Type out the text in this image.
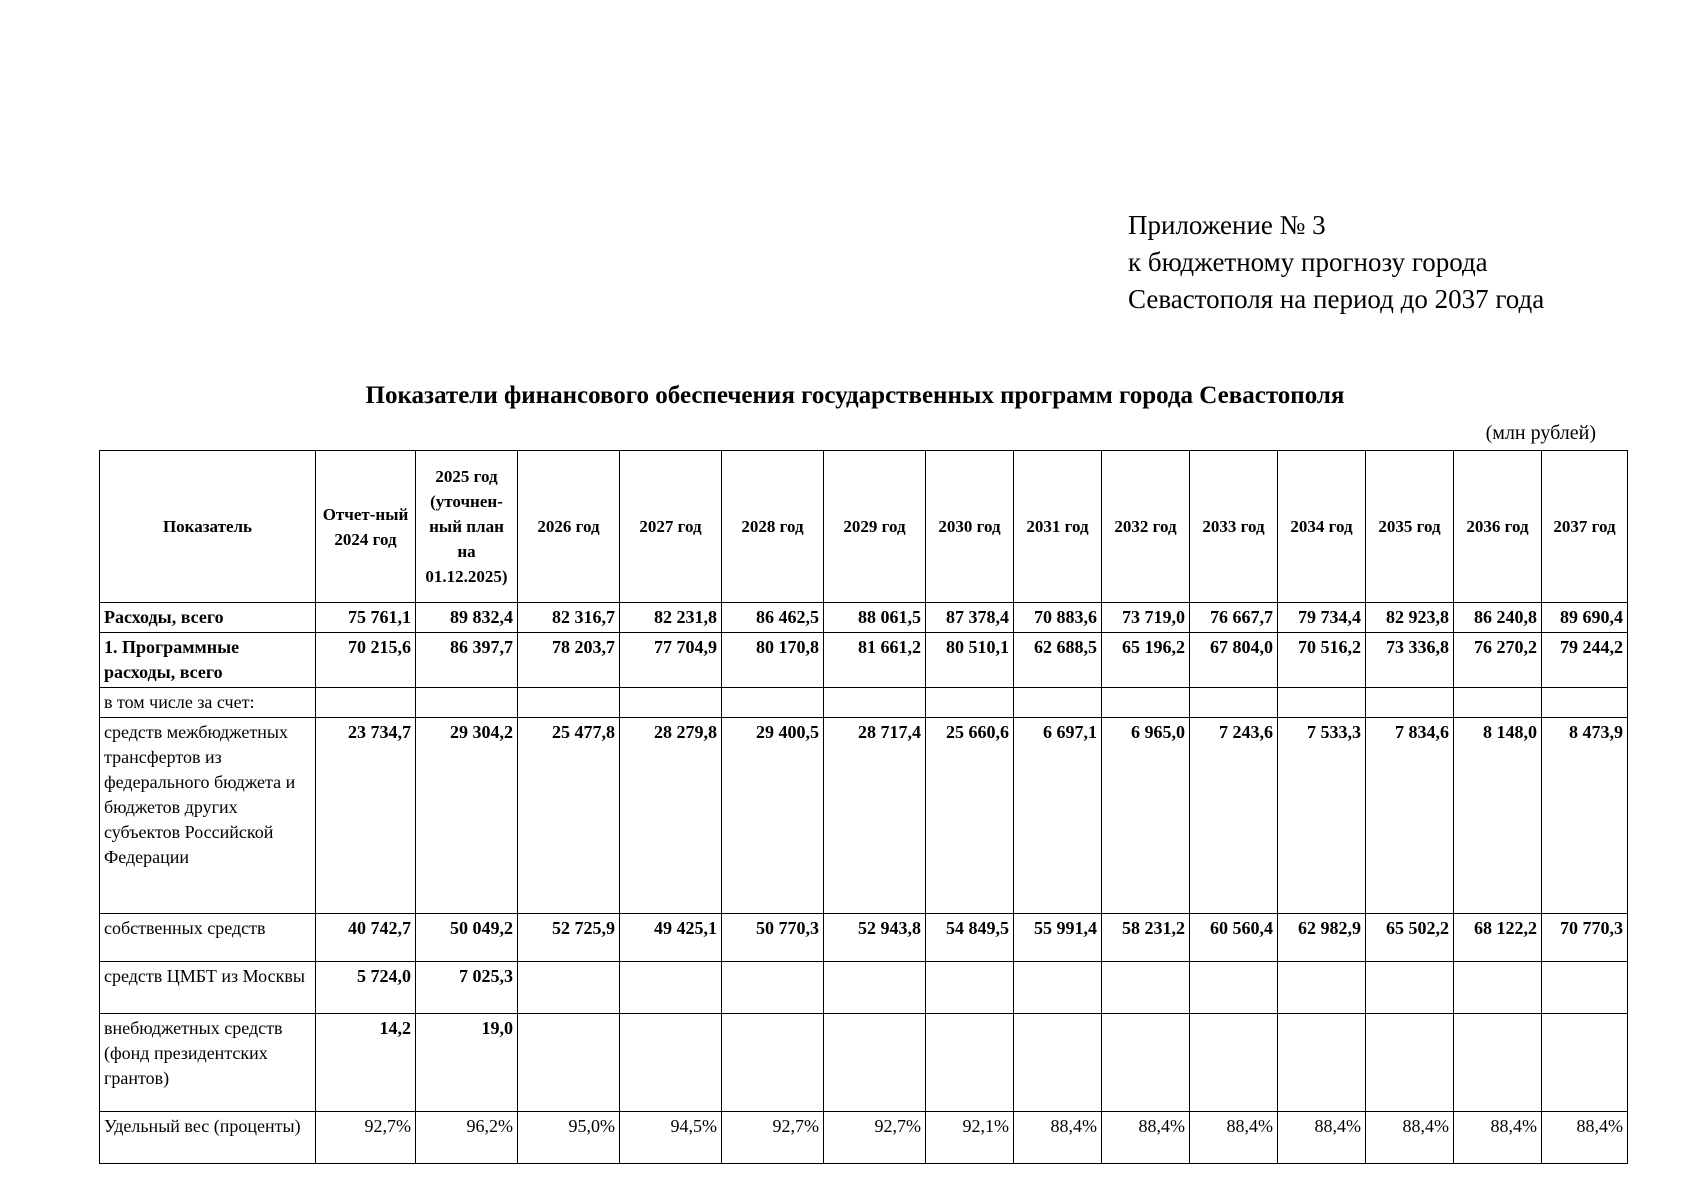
Приложение № 3
к бюджетному прогнозу города
Севастополя на период до 2037 года
Показатели финансового обеспечения государственных программ города Севастополя
(млн рублей)
Показатель	Отчет-ный 2024 год	2025 год (уточнен-ный план на 01.12.2025)	2026 год	2027 год	2028 год	2029 год	2030 год	2031 год	2032 год	2033 год	2034 год	2035 год	2036 год	2037 год
Расходы, всего	75 761,1	89 832,4	82 316,7	82 231,8	86 462,5	88 061,5	87 378,4	70 883,6	73 719,0	76 667,7	79 734,4	82 923,8	86 240,8	89 690,4
1. Программные расходы, всего	70 215,6	86 397,7	78 203,7	77 704,9	80 170,8	81 661,2	80 510,1	62 688,5	65 196,2	67 804,0	70 516,2	73 336,8	76 270,2	79 244,2
в том числе за счет:														
средств межбюджетных трансфертов из федерального бюджета и бюджетов других субъектов Российской Федерации	23 734,7	29 304,2	25 477,8	28 279,8	29 400,5	28 717,4	25 660,6	6 697,1	6 965,0	7 243,6	7 533,3	7 834,6	8 148,0	8 473,9
собственных средств	40 742,7	50 049,2	52 725,9	49 425,1	50 770,3	52 943,8	54 849,5	55 991,4	58 231,2	60 560,4	62 982,9	65 502,2	68 122,2	70 770,3
средств ЦМБТ из Москвы	5 724,0	7 025,3												
внебюджетных средств (фонд президентских грантов)	14,2	19,0												
Удельный вес (проценты)	92,7%	96,2%	95,0%	94,5%	92,7%	92,7%	92,1%	88,4%	88,4%	88,4%	88,4%	88,4%	88,4%	88,4%
